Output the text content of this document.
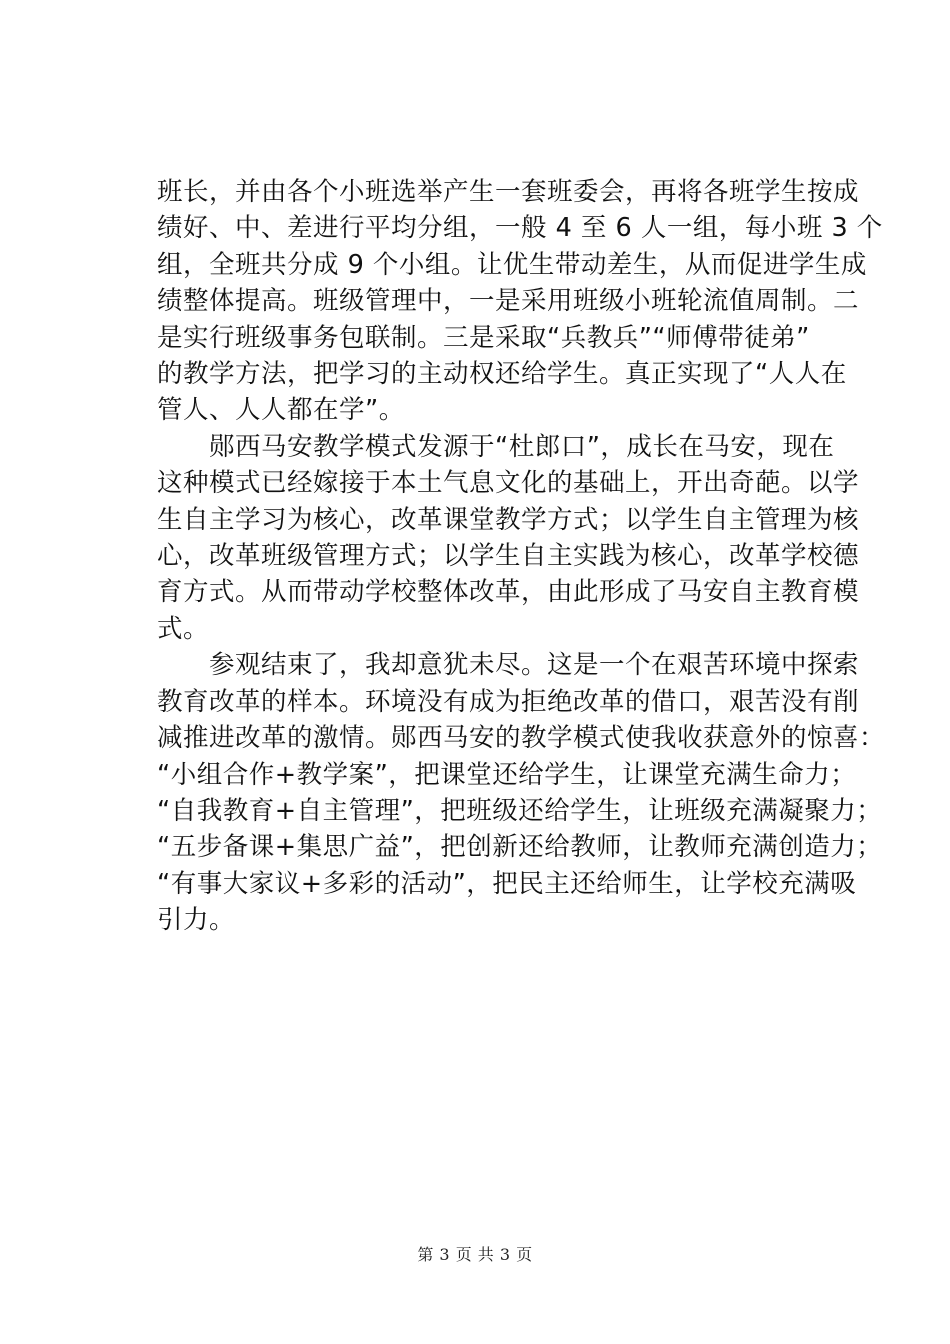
班长，并由各个小班选举产生一套班委会，再将各班学生按成
绩好、中、差进行平均分组，一般 4 至 6 人一组，每小班 3 个
组，全班共分成 9 个小组。让优生带动差生，从而促进学生成
绩整体提高。班级管理中，一是采用班级小班轮流值周制。二
是实行班级事务包联制。三是采取“兵教兵”“师傅带徒弟”
的教学方法，把学习的主动权还给学生。真正实现了“人人在
管人、人人都在学”。
　　郧西马安教学模式发源于“杜郎口”，成长在马安，现在
这种模式已经嫁接于本土气息文化的基础上，开出奇葩。以学
生自主学习为核心，改革课堂教学方式；以学生自主管理为核
心，改革班级管理方式；以学生自主实践为核心，改革学校德
育方式。从而带动学校整体改革，由此形成了马安自主教育模
式。
　　参观结束了，我却意犹未尽。这是一个在艰苦环境中探索
教育改革的样本。环境没有成为拒绝改革的借口，艰苦没有削
减推进改革的激情。郧西马安的教学模式使我收获意外的惊喜：
“小组合作+教学案”，把课堂还给学生，让课堂充满生命力；
“自我教育+自主管理”，把班级还给学生，让班级充满凝聚力；
“五步备课+集思广益”，把创新还给教师，让教师充满创造力；
“有事大家议+多彩的活动”，把民主还给师生，让学校充满吸
引力。
第 3 页 共 3 页
